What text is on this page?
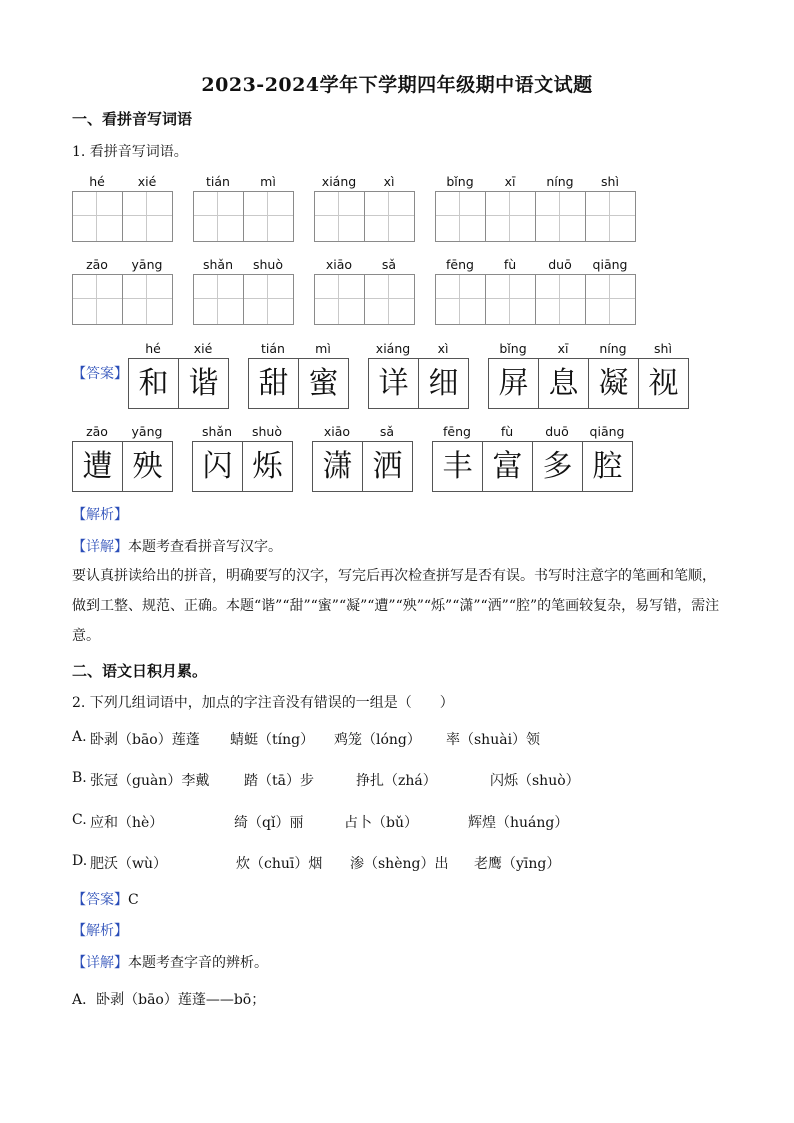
2023-2024学年下学期四年级期中语文试题
一、看拼音写词语
1. 看拼音写词语。
hé	xié	tián	mì	xiáng	xì	bǐng	xī	níng	shì
zāo	yāng	shǎn	shuò	xiāo	sǎ	fēng	fù	duō	qiāng
【答案】
hé	xié
和 谐
tián	mì
甜 蜜
xiáng	xì
详 细
bǐng	xī	níng	shì
屏 息 凝 视
zāo	yāng
遭 殃
shǎn	shuò
闪 烁
xiāo	sǎ
潇 洒
fēng	fù	duō	qiāng
丰 富 多 腔
【解析】
【详解】本题考查看拼音写汉字。
要认真拼读给出的拼音，明确要写的汉字，写完后再次检查拼写是否有误。书写时注意字的笔画和笔顺，做到工整、规范、正确。本题“谐”“甜”“蜜”“凝”“遭”“殃”“烁”“潇”“洒”“腔”的笔画较复杂，易写错，需注意。
二、语文日积月累。
2. 下列几组词语中，加点的字注音没有错误的一组是（　　）
A. 卧剥（bāo）莲蓬 蜻蜓（tíng） 鸡笼（lóng） 率（shuài）领
B. 张冠（guàn）李戴 踏（tā）步	挣扎（zhá）	闪烁（shuò）
C. 应和（hè）	绮（qǐ）丽	占卜（bǔ）	辉煌（huáng）
D. 肥沃（wù）	炊（chuī）烟 渗（shèng）出 老鹰（yīng）
【答案】C
【解析】
【详解】本题考查字音的辨析。
A．卧剥（bāo）莲蓬——bō；
